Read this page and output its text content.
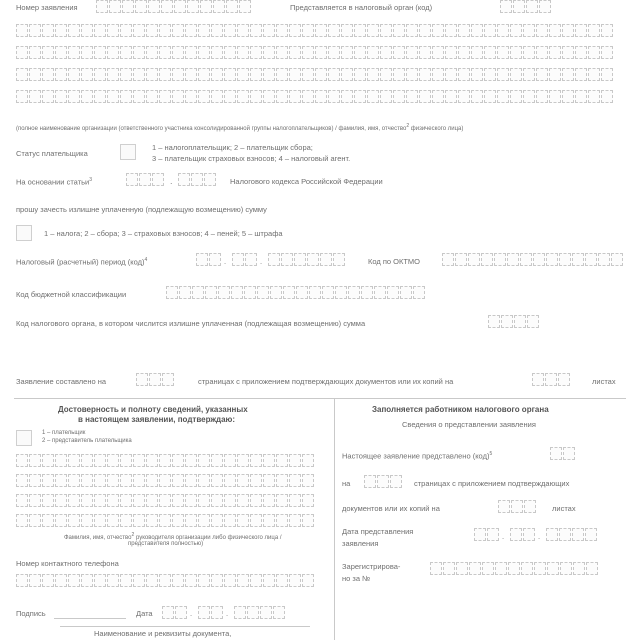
Номер заявления	Представляется в налоговый орган (код)
(полное наименование организации (ответственного участника консолидированной группы налогоплательщиков) / фамилия, имя, отчество$^2$ физического лица)
Статус плательщика
1 – налогоплательщик; 2 – плательщик сбора;
3 – плательщик страховых взносов; 4 – налоговый агент.
На основании статьи$^3$	.	Налогового кодекса Российской Федерации
прошу зачесть излишне уплаченную (подлежащую возмещению) сумму
1 – налога; 2 – сбора; 3 – страховых взносов; 4 – пеней; 5 – штрафа
Налоговый (расчетный) период (код)$^4$	.	.	Код по ОКТМО
Код бюджетной классификации
Код налогового органа, в котором числится излишне уплаченная (подлежащая возмещению) сумма
Заявление составлено на	страницах с приложением подтверждающих документов или их копий на	листах
Достоверность и полноту сведений, указанных
в настоящем заявлении, подтверждаю:
1 – плательщик
2 – представитель плательщика
Фамилия, имя, отчество$^2$ руководителя организации либо физического лица /
представителя полностью)
Номер контактного телефона
Подпись	Дата	.	.
Наименование и реквизиты документа,
Заполняется работником налогового органа
Сведения о представлении заявления
Настоящее заявление представлено (код)$^5$
на	страницах с приложением подтверждающих
документов или их копий на	листах
Дата представления
заявления
.	.
Зарегистрирова-
но за №
